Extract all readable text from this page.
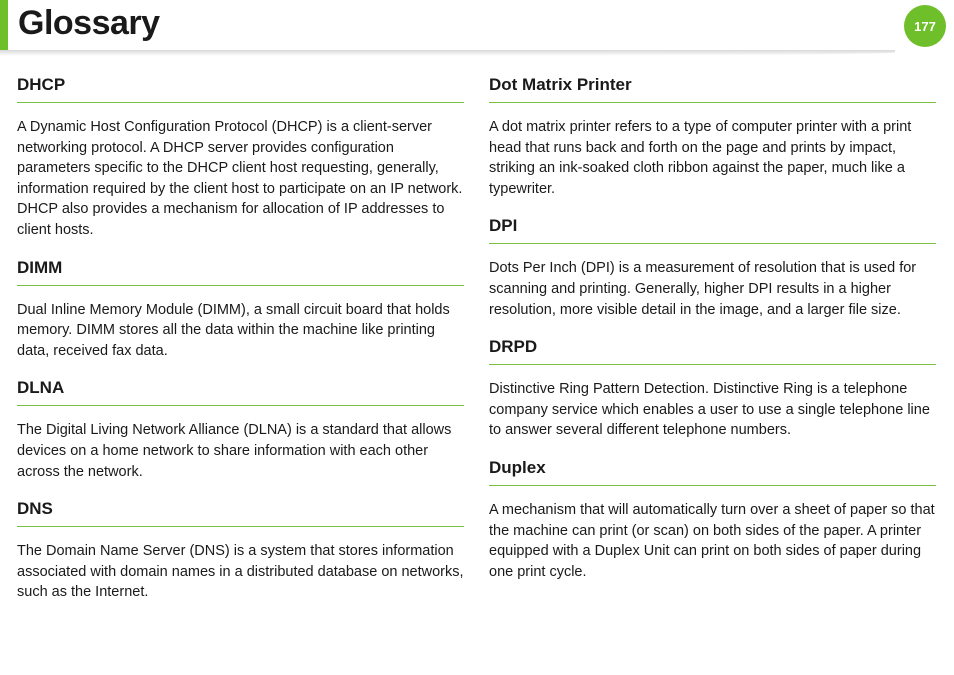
Glossary	177
DHCP

A Dynamic Host Configuration Protocol (DHCP) is a client-server networking protocol. A DHCP server provides configuration parameters specific to the DHCP client host requesting, generally, information required by the client host to participate on an IP network. DHCP also provides a mechanism for allocation of IP addresses to client hosts.

DIMM

Dual Inline Memory Module (DIMM), a small circuit board that holds memory. DIMM stores all the data within the machine like printing data, received fax data.

DLNA

The Digital Living Network Alliance (DLNA) is a standard that allows devices on a home network to share information with each other across the network.

DNS

The Domain Name Server (DNS) is a system that stores information associated with domain names in a distributed database on networks, such as the Internet.

Dot Matrix Printer

A dot matrix printer refers to a type of computer printer with a print head that runs back and forth on the page and prints by impact, striking an ink-soaked cloth ribbon against the paper, much like a typewriter.

DPI

Dots Per Inch (DPI) is a measurement of resolution that is used for scanning and printing. Generally, higher DPI results in a higher resolution, more visible detail in the image, and a larger file size.

DRPD

Distinctive Ring Pattern Detection. Distinctive Ring is a telephone company service which enables a user to use a single telephone line to answer several different telephone numbers.

Duplex

A mechanism that will automatically turn over a sheet of paper so that the machine can print (or scan) on both sides of the paper. A printer equipped with a Duplex Unit can print on both sides of paper during one print cycle.
